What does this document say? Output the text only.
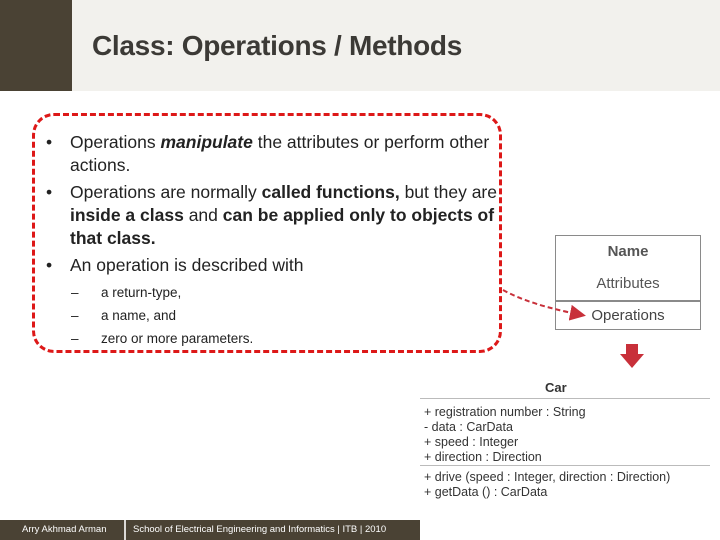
Class: Operations / Methods
• Operations manipulate the attributes or perform other actions.
• Operations are normally called functions, but they are inside a class and can be applied only to objects of that class.
• An operation is described with
– a return-type,
– a name, and
– zero or more parameters.
Name
Attributes
Operations
Car
+ registration number : String
- data : CarData
+ speed : Integer
+ direction : Direction
+ drive (speed : Integer, direction : Direction)
+ getData () : CarData
Arry Akhmad Arman	School of Electrical Engineering and Informatics | ITB | 2010
